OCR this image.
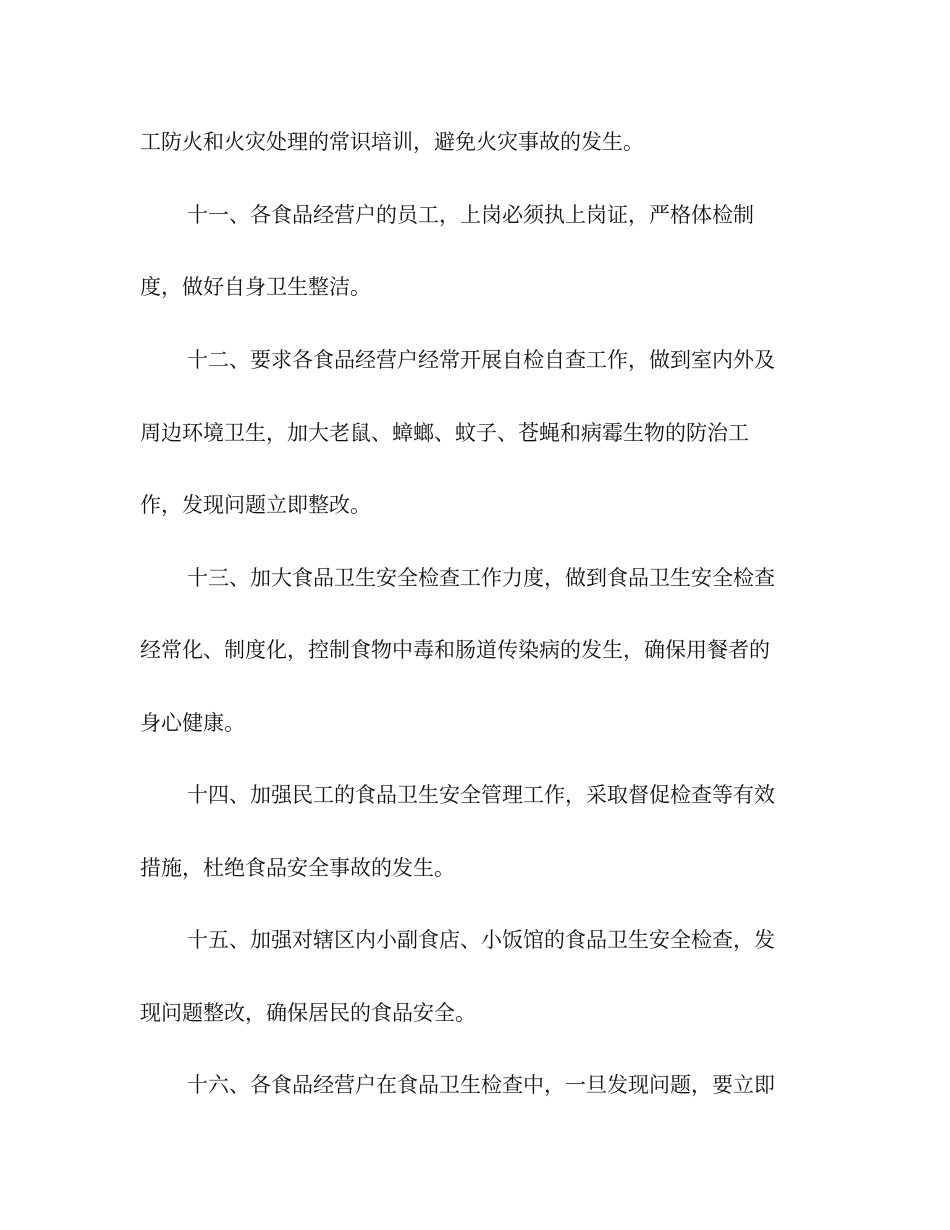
工防火和火灾处理的常识培训，避免火灾事故的发生。
十一、各食品经营户的员工，上岗必须执上岗证，严格体检制
度，做好自身卫生整洁。
十二、要求各食品经营户经常开展自检自查工作，做到室内外及
周边环境卫生，加大老鼠、蟑螂、蚊子、苍蝇和病霉生物的防治工
作，发现问题立即整改。
十三、加大食品卫生安全检查工作力度，做到食品卫生安全检查
经常化、制度化，控制食物中毒和肠道传染病的发生，确保用餐者的
身心健康。
十四、加强民工的食品卫生安全管理工作，采取督促检查等有效
措施，杜绝食品安全事故的发生。
十五、加强对辖区内小副食店、小饭馆的食品卫生安全检查，发
现问题整改，确保居民的食品安全。
十六、各食品经营户在食品卫生检查中，一旦发现问题，要立即
